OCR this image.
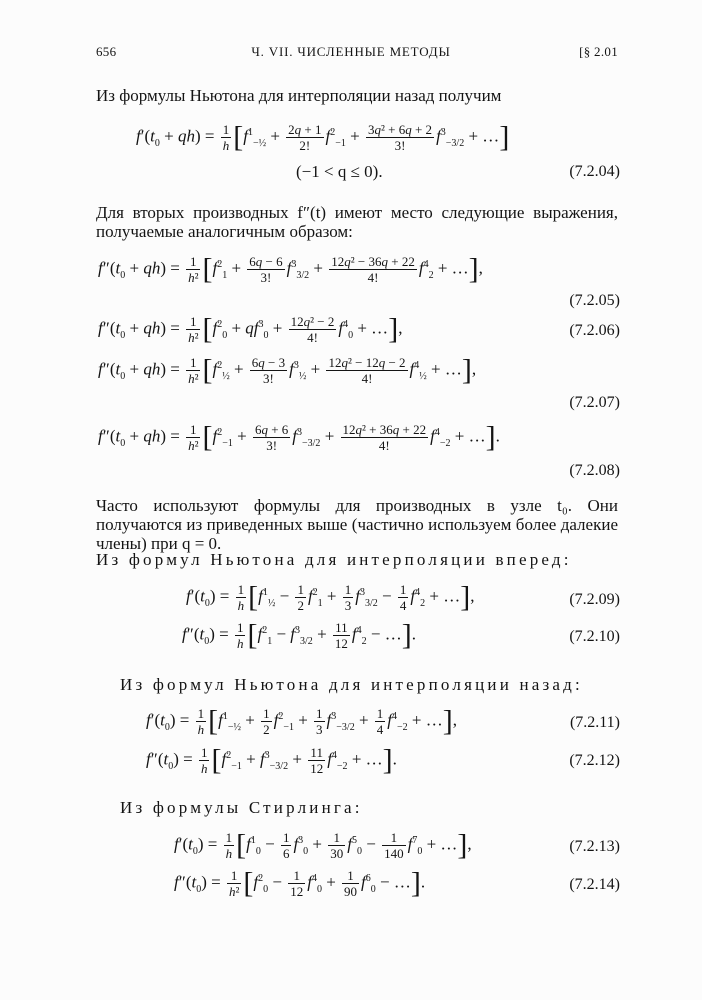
656	Ч. VII. ЧИСЛЕННЫЕ МЕТОДЫ	[§ 2.01
Из формулы Ньютона для интерполяции назад получим
$f'(t_0 + qh) = \frac{1}{h} [f^1_{-\frac{1}{2}} + \frac{2q + 1}{2!} f^2_{-1} + \frac{\text{3q² + 6q + 2}}{3!} f^3_{-3/2}$ + …]
(−1 < q ≤ 0).	(7.2.04)
Для вторых производных f″(t) имеют место следующие выражения, получаемые аналогичным образом:
$f''(t_0 + qh) = \frac{1}{\text{h²}} [f^2_1 + \frac{6q - 6}{3!} f^3_{3/2} + \frac{\text{12q² − 36q + 22}}{4!} f^4_2$ + …],
(7.2.05)
$f''(t_0 + qh) = \frac{1}{\text{h²}} [f^2_0 + qf^3_0 + \frac{\text{12q² − 2}}{4!} f^4_0$ + …],	(7.2.06)
$f''(t_0 + qh) = \frac{1}{\text{h²}} [f^2_{\frac{1}{2}} + \frac{6q - 3}{3!} f^3_{\frac{1}{2}} + \frac{\text{12q² − 12q − 2}}{4!} f^4_{\frac{1}{2}}$ + …],
(7.2.07)
$f''(t_0 + qh) = \frac{1}{\text{h²}} [f^2_{-1} + \frac{6q + 6}{3!} f^3_{-3/2} + \frac{\text{12q² + 36q + 22}}{4!} f^4_{-2}$ + …].
(7.2.08)
Часто используют формулы для производных в узле t₀. Они получаются из приведенных выше (частично используем более далекие члены) при q = 0.
Из формул Ньютона для интерполяции вперед:
$f'(t_0) = \frac{1}{h} [f^1_{\frac{1}{2}} - \frac{1}{2} f^2_1 + \frac{1}{3} f^3_{3/2} - \frac{1}{4} f^4_2$ + …],	(7.2.09)
$f''(t_0) = \frac{1}{h} [f^2_1 - f^3_{3/2} + \frac{11}{12} f^4_2$ − …].	(7.2.10)
Из формул Ньютона для интерполяции назад:
$f'(t_0) = \frac{1}{h} [f^1_{-\frac{1}{2}} + \frac{1}{2} f^2_{-1} + \frac{1}{3} f^3_{-3/2} + \frac{1}{4} f^4_{-2}$ + …],	(7.2.11)
$f''(t_0) = \frac{1}{h} [f^2_{-1} + f^3_{-3/2} + \frac{11}{12} f^4_{-2}$ + …].	(7.2.12)
Из формулы Стирлинга:
$f'(t_0) = \frac{1}{h} [f^1_0 - \frac{1}{6} f^3_0 + \frac{1}{30} f^5_0 - \frac{1}{140} f^7_0$ + …],	(7.2.13)
$f''(t_0) = \frac{1}{\text{h²}} [f^2_0 - \frac{1}{12} f^4_0 + \frac{1}{90} f^6_0$ − …].	(7.2.14)
